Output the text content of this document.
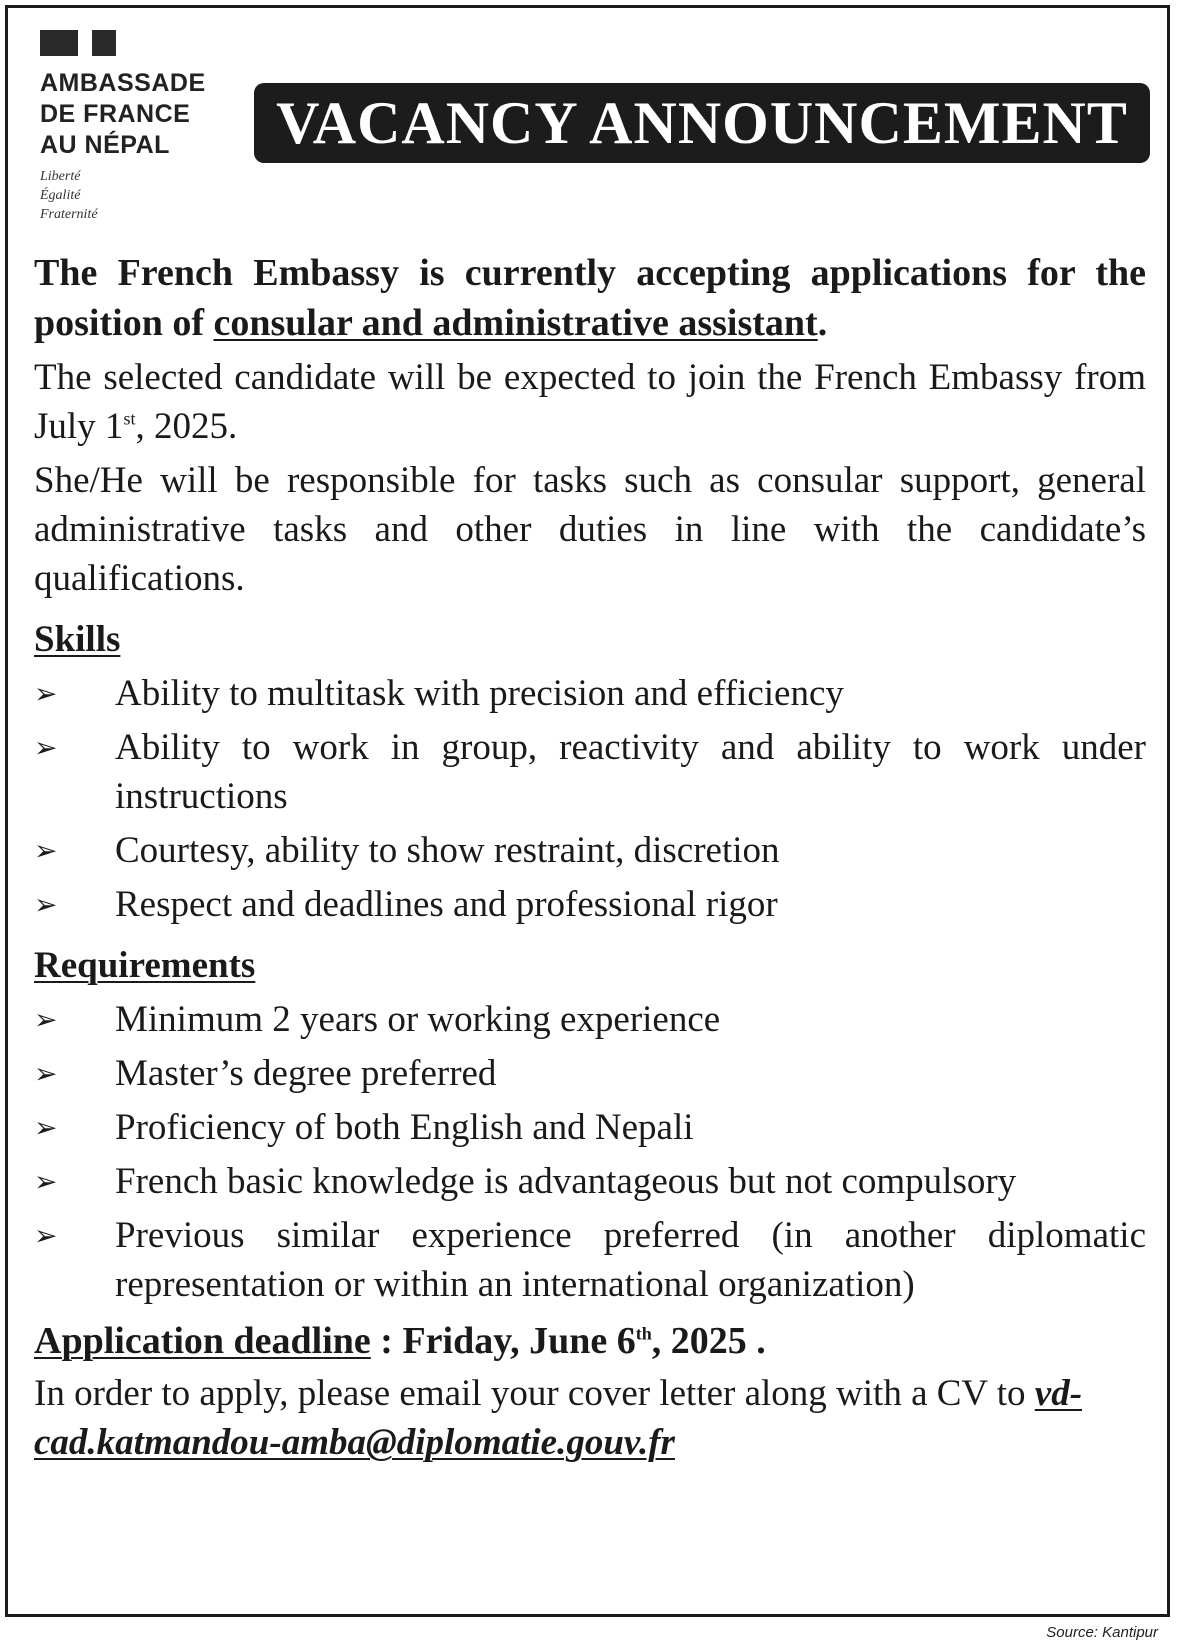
AMBASSADE
DE FRANCE
AU NÉPAL
Liberté
Égalité
Fraternité
VACANCY ANNOUNCEMENT
The French Embassy is currently accepting applications for the position of consular and administrative assistant.
The selected candidate will be expected to join the French Embassy from July 1st, 2025.
She/He will be responsible for tasks such as consular support, general administrative tasks and other duties in line with the candidate’s qualifications.
Skills
➢ Ability to multitask with precision and efficiency
➢ Ability to work in group, reactivity and ability to work under instructions
➢ Courtesy, ability to show restraint, discretion
➢ Respect and deadlines and professional rigor
Requirements
➢ Minimum 2 years or working experience
➢ Master’s degree preferred
➢ Proficiency of both English and Nepali
➢ French basic knowledge is advantageous but not compulsory
➢ Previous similar experience preferred (in another diplomatic representation or within an international organization)
Application deadline : Friday, June 6th, 2025 .
In order to apply, please email your cover letter along with a CV to vd-cad.katmandou-amba@diplomatie.gouv.fr
Source: Kantipur
